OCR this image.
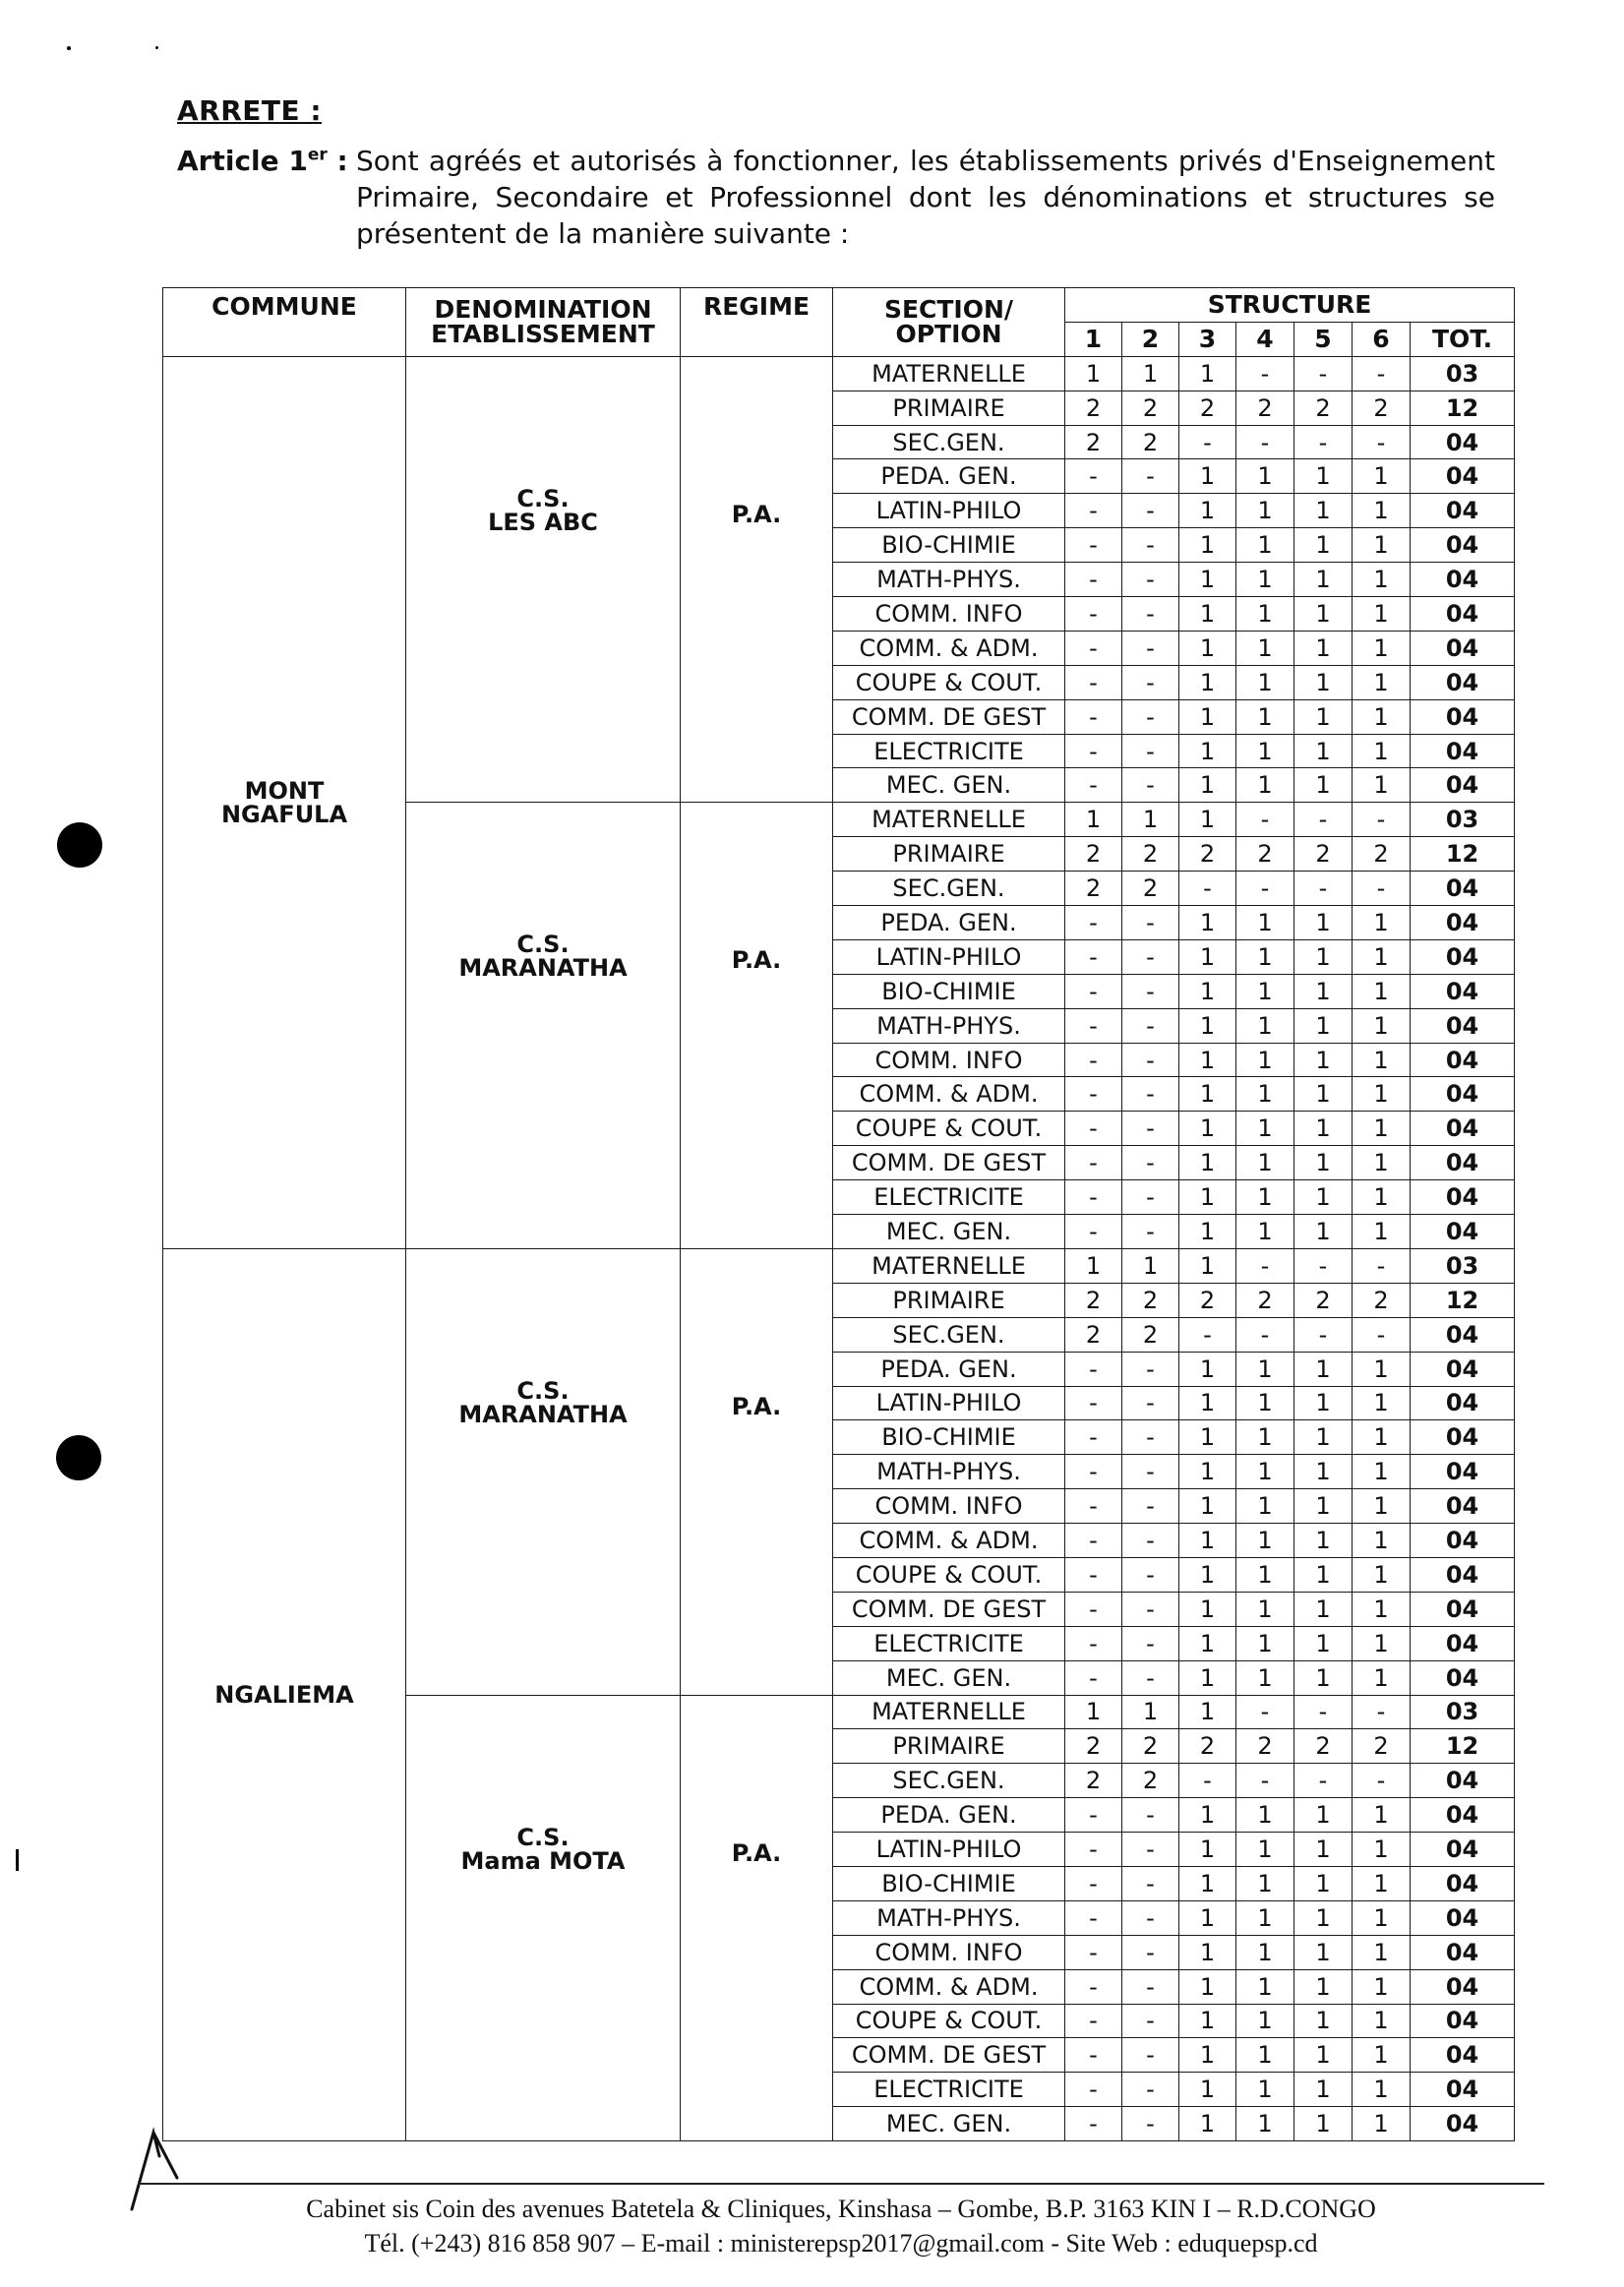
ARRETE :
Article 1er : Sont agréés et autorisés à fonctionner, les établissements privés d'Enseignement Primaire, Secondaire et Professionnel dont les dénominations et structures se présentent de la manière suivante :
COMMUNE	DENOMINATION
ETABLISSEMENT	REGIME	SECTION/
OPTION	STRUCTURE						
				1	2	3	4	5	6	TOT.

MONT
NGAFULA	C.S.
LES ABC	P.A.	MATERNELLE	1	1	1	-	-	-	03
			PRIMAIRE	2	2	2	2	2	2	12
			SEC.GEN.	2	2	-	-	-	-	04
			PEDA. GEN.	-	-	1	1	1	1	04
			LATIN-PHILO	-	-	1	1	1	1	04
			BIO-CHIMIE	-	-	1	1	1	1	04
			MATH-PHYS.	-	-	1	1	1	1	04
			COMM. INFO	-	-	1	1	1	1	04
			COMM. & ADM.	-	-	1	1	1	1	04
			COUPE & COUT.	-	-	1	1	1	1	04
			COMM. DE GEST	-	-	1	1	1	1	04
			ELECTRICITE	-	-	1	1	1	1	04
			MEC. GEN.	-	-	1	1	1	1	04

	C.S.
MARANATHA	P.A.	MATERNELLE	1	1	1	-	-	-	03
			PRIMAIRE	2	2	2	2	2	2	12
			SEC.GEN.	2	2	-	-	-	-	04
			PEDA. GEN.	-	-	1	1	1	1	04
			LATIN-PHILO	-	-	1	1	1	1	04
			BIO-CHIMIE	-	-	1	1	1	1	04
			MATH-PHYS.	-	-	1	1	1	1	04
			COMM. INFO	-	-	1	1	1	1	04
			COMM. & ADM.	-	-	1	1	1	1	04
			COUPE & COUT.	-	-	1	1	1	1	04
			COMM. DE GEST	-	-	1	1	1	1	04
			ELECTRICITE	-	-	1	1	1	1	04
			MEC. GEN.	-	-	1	1	1	1	04

NGALIEMA	C.S.
MARANATHA	P.A.	MATERNELLE	1	1	1	-	-	-	03
			PRIMAIRE	2	2	2	2	2	2	12
			SEC.GEN.	2	2	-	-	-	-	04
			PEDA. GEN.	-	-	1	1	1	1	04
			LATIN-PHILO	-	-	1	1	1	1	04
			BIO-CHIMIE	-	-	1	1	1	1	04
			MATH-PHYS.	-	-	1	1	1	1	04
			COMM. INFO	-	-	1	1	1	1	04
			COMM. & ADM.	-	-	1	1	1	1	04
			COUPE & COUT.	-	-	1	1	1	1	04
			COMM. DE GEST	-	-	1	1	1	1	04
			ELECTRICITE	-	-	1	1	1	1	04
			MEC. GEN.	-	-	1	1	1	1	04

	C.S.
Mama MOTA	P.A.	MATERNELLE	1	1	1	-	-	-	03
			PRIMAIRE	2	2	2	2	2	2	12
			SEC.GEN.	2	2	-	-	-	-	04
			PEDA. GEN.	-	-	1	1	1	1	04
			LATIN-PHILO	-	-	1	1	1	1	04
			BIO-CHIMIE	-	-	1	1	1	1	04
			MATH-PHYS.	-	-	1	1	1	1	04
			COMM. INFO	-	-	1	1	1	1	04
			COMM. & ADM.	-	-	1	1	1	1	04
			COUPE & COUT.	-	-	1	1	1	1	04
			COMM. DE GEST	-	-	1	1	1	1	04
			ELECTRICITE	-	-	1	1	1	1	04
			MEC. GEN.	-	-	1	1	1	1	04
Cabinet sis Coin des avenues Batetela & Cliniques, Kinshasa – Gombe, B.P. 3163 KIN I – R.D.CONGO
Tél. (+243) 816 858 907 – E-mail : ministerepsp2017@gmail.com - Site Web : eduquepsp.cd
